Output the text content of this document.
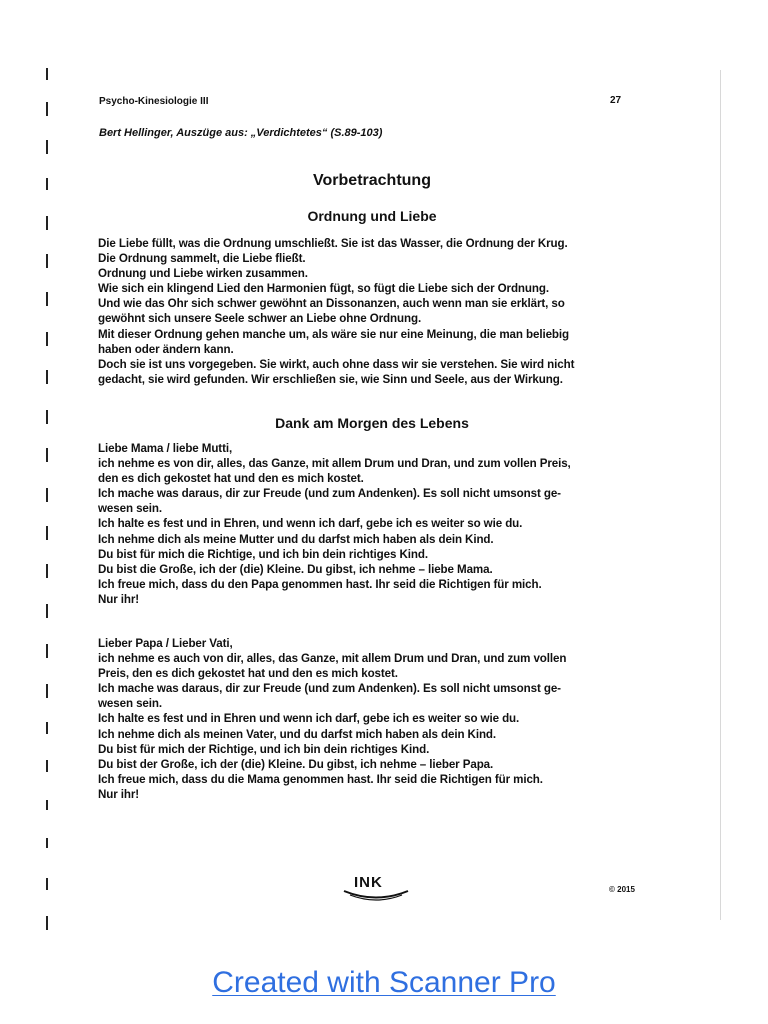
Psycho-Kinesiologie III	27
Bert Hellinger, Auszüge aus: „Verdichtetes“ (S.89-103)
Vorbetrachtung
Ordnung und Liebe
Die Liebe füllt, was die Ordnung umschließt. Sie ist das Wasser, die Ordnung der Krug.
Die Ordnung sammelt, die Liebe fließt.
Ordnung und Liebe wirken zusammen.
Wie sich ein klingend Lied den Harmonien fügt, so fügt die Liebe sich der Ordnung.
Und wie das Ohr sich schwer gewöhnt an Dissonanzen, auch wenn man sie erklärt, so
gewöhnt sich unsere Seele schwer an Liebe ohne Ordnung.
Mit dieser Ordnung gehen manche um, als wäre sie nur eine Meinung, die man beliebig
haben oder ändern kann.
Doch sie ist uns vorgegeben. Sie wirkt, auch ohne dass wir sie verstehen. Sie wird nicht
gedacht, sie wird gefunden. Wir erschließen sie, wie Sinn und Seele, aus der Wirkung.
Dank am Morgen des Lebens
Liebe Mama / liebe Mutti,
ich nehme es von dir, alles, das Ganze, mit allem Drum und Dran, und zum vollen Preis,
den es dich gekostet hat und den es mich kostet.
Ich mache was daraus, dir zur Freude (und zum Andenken). Es soll nicht umsonst ge-
wesen sein.
Ich halte es fest und in Ehren, und wenn ich darf, gebe ich es weiter so wie du.
Ich nehme dich als meine Mutter und du darfst mich haben als dein Kind.
Du bist für mich die Richtige, und ich bin dein richtiges Kind.
Du bist die Große, ich der (die) Kleine. Du gibst, ich nehme – liebe Mama.
Ich freue mich, dass du den Papa genommen hast. Ihr seid die Richtigen für mich.
Nur ihr!
Lieber Papa / Lieber Vati,
ich nehme es auch von dir, alles, das Ganze, mit allem Drum und Dran, und zum vollen
Preis, den es dich gekostet hat und den es mich kostet.
Ich mache was daraus, dir zur Freude (und zum Andenken). Es soll nicht umsonst ge-
wesen sein.
Ich halte es fest und in Ehren und wenn ich darf, gebe ich es weiter so wie du.
Ich nehme dich als meinen Vater, und du darfst mich haben als dein Kind.
Du bist für mich der Richtige, und ich bin dein richtiges Kind.
Du bist der Große, ich der (die) Kleine. Du gibst, ich nehme – lieber Papa.
Ich freue mich, dass du die Mama genommen hast. Ihr seid die Richtigen für mich.
Nur ihr!
INK	© 2015
Created with Scanner Pro
